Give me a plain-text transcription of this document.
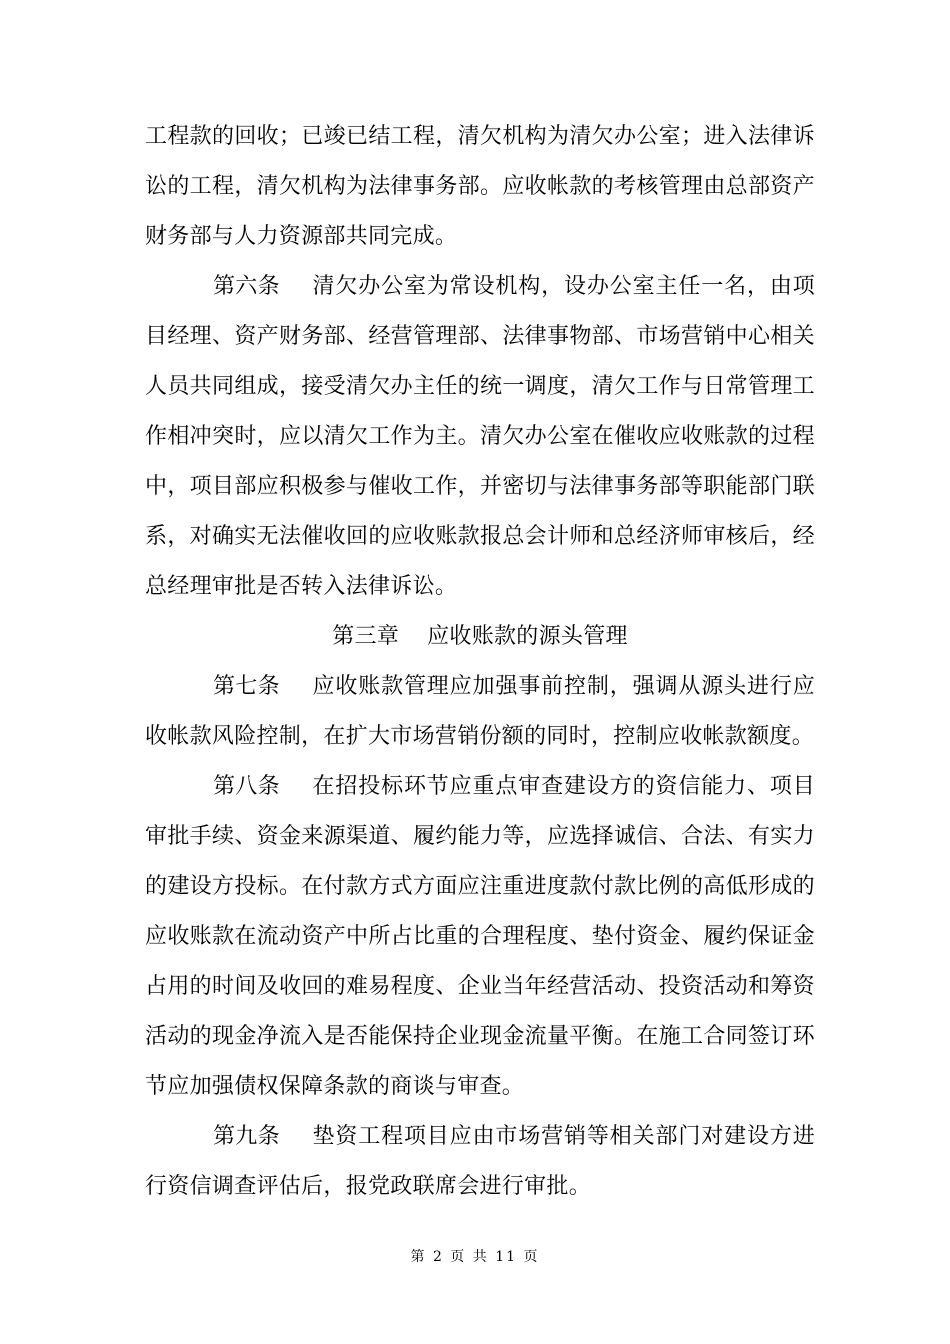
工程款的回收；已竣已结工程，清欠机构为清欠办公室；进入法律诉讼的工程，清欠机构为法律事务部。应收帐款的考核管理由总部资产财务部与人力资源部共同完成。

第六条 清欠办公室为常设机构，设办公室主任一名，由项目经理、资产财务部、经营管理部、法律事物部、市场营销中心相关人员共同组成，接受清欠办主任的统一调度，清欠工作与日常管理工作相冲突时，应以清欠工作为主。清欠办公室在催收应收账款的过程中，项目部应积极参与催收工作，并密切与法律事务部等职能部门联系，对确实无法催收回的应收账款报总会计师和总经济师审核后，经总经理审批是否转入法律诉讼。

第三章 应收账款的源头管理

第七条 应收账款管理应加强事前控制，强调从源头进行应收帐款风险控制，在扩大市场营销份额的同时，控制应收帐款额度。

第八条 在招投标环节应重点审查建设方的资信能力、项目审批手续、资金来源渠道、履约能力等，应选择诚信、合法、有实力的建设方投标。在付款方式方面应注重进度款付款比例的高低形成的应收账款在流动资产中所占比重的合理程度、垫付资金、履约保证金占用的时间及收回的难易程度、企业当年经营活动、投资活动和筹资活动的现金净流入是否能保持企业现金流量平衡。在施工合同签订环节应加强债权保障条款的商谈与审查。

第九条 垫资工程项目应由市场营销等相关部门对建设方进行资信调查评估后，报党政联席会进行审批。

第 2 页 共 11 页
